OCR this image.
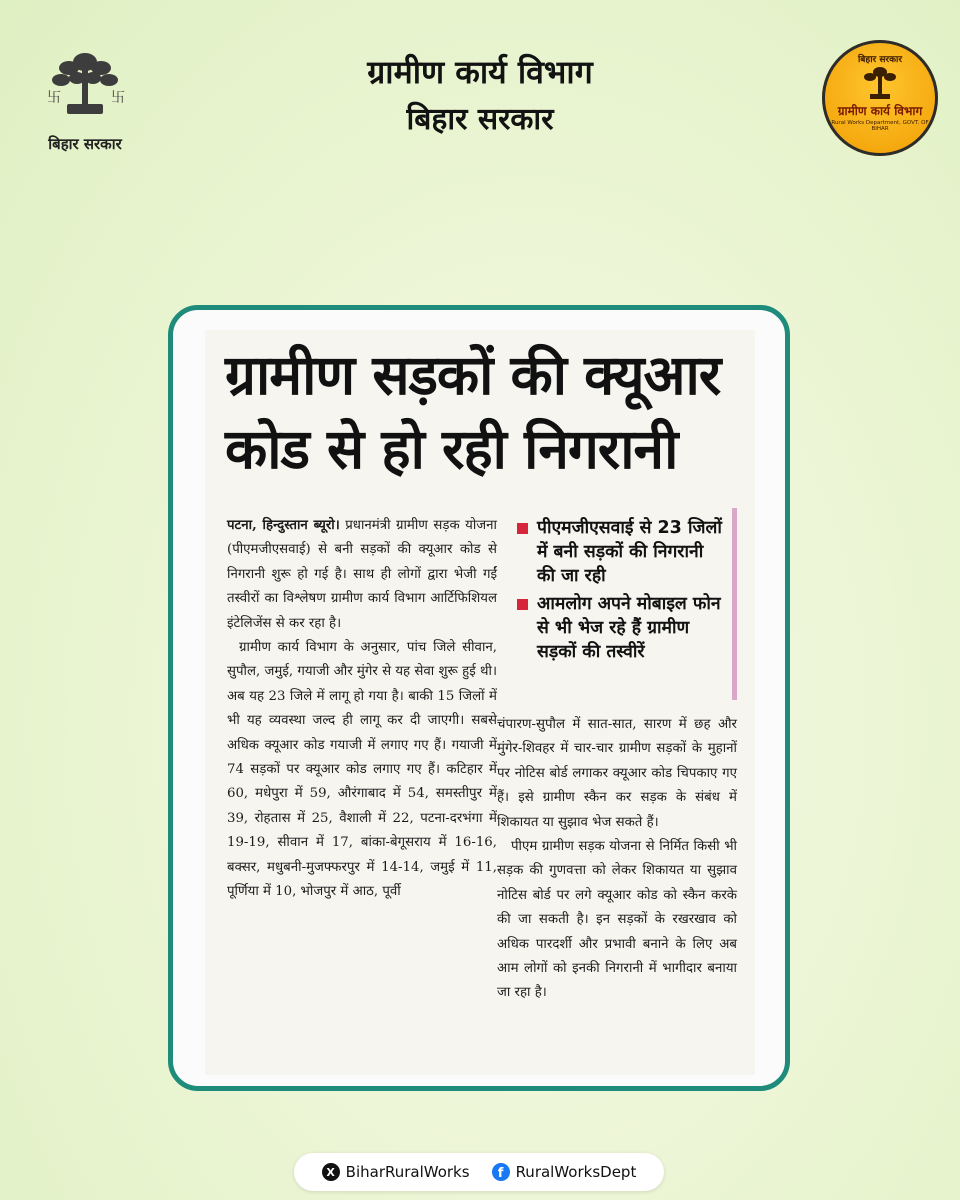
卐	卐
बिहार सरकार
ग्रामीण कार्य विभाग
बिहार सरकार
बिहार सरकार
ग्रामीण कार्य विभाग
Rural Works Department, GOVT. OF BIHAR
ग्रामीण सड़कों की क्यूआर
कोड से हो रही निगरानी

पटना, हिन्दुस्तान ब्यूरो। प्रधानमंत्री ग्रामीण सड़क योजना (पीएमजीएसवाई) से बनी सड़कों की क्यूआर कोड से निगरानी शुरू हो गई है। साथ ही लोगों द्वारा भेजी गईं तस्वीरों का विश्लेषण ग्रामीण कार्य विभाग आर्टिफिशियल इंटेलिजेंस से कर रहा है।

ग्रामीण कार्य विभाग के अनुसार, पांच जिले सीवान, सुपौल, जमुई, गयाजी और मुंगेर से यह सेवा शुरू हुई थी। अब यह 23 जिले में लागू हो गया है। बाकी 15 जिलों में भी यह व्यवस्था जल्द ही लागू कर दी जाएगी। सबसे अधिक क्यूआर कोड गयाजी में लगाए गए हैं। गयाजी में 74 सड़कों पर क्यूआर कोड लगाए गए हैं। कटिहार में 60, मधेपुरा में 59, औरंगाबाद में 54, समस्तीपुर में 39, रोहतास में 25, वैशाली में 22, पटना-दरभंगा में 19-19, सीवान में 17, बांका-बेगूसराय में 16-16, बक्सर, मधुबनी-मुजफ्फरपुर में 14-14, जमुई में 11, पूर्णिया में 10, भोजपुर में आठ, पूर्वी

पीएमजीएसवाई से 23 जिलों में बनी सड़कों की निगरानी की जा रही
आमलोग अपने मोबाइल फोन से भी भेज रहे हैं ग्रामीण सड़कों की तस्वीरें

चंपारण-सुपौल में सात-सात, सारण में छह और मुंगेर-शिवहर में चार-चार ग्रामीण सड़कों के मुहानों पर नोटिस बोर्ड लगाकर क्यूआर कोड चिपकाए गए हैं। इसे ग्रामीण स्कैन कर सड़क के संबंध में शिकायत या सुझाव भेज सकते हैं।

पीएम ग्रामीण सड़क योजना से निर्मित किसी भी सड़क की गुणवत्ता को लेकर शिकायत या सुझाव नोटिस बोर्ड पर लगे क्यूआर कोड को स्कैन करके की जा सकती है। इन सड़कों के रखरखाव को अधिक पारदर्शी और प्रभावी बनाने के लिए अब आम लोगों को इनकी निगरानी में भागीदार बनाया जा रहा है।

X BiharRuralWorks	f RuralWorksDept
